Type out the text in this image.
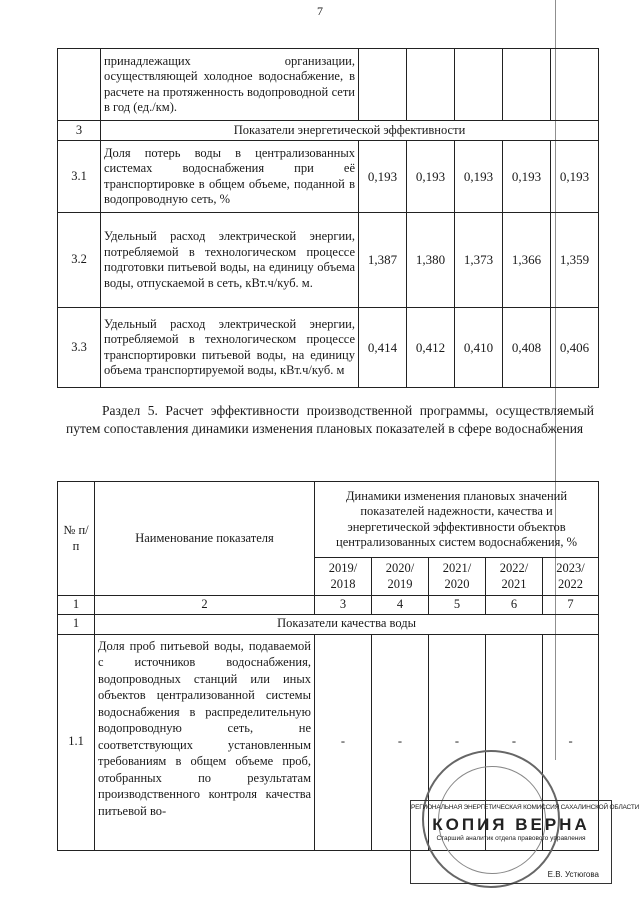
7
	принадлежащих организации, осуществляющей холодное водоснабжение, в расчете на протяженность водопроводной сети в год (ед./км).					
3	Показатели энергетической эффективности					
3.1	Доля потерь воды в централизованных системах водоснабжения при её транспортировке в общем объеме, поданной в водопроводную сеть, %	0,193	0,193	0,193	0,193	0,193
3.2	Удельный расход электрической энергии, потребляемой в технологическом процессе подготовки питьевой воды, на единицу объема воды, отпускаемой в сеть, кВт.ч/куб. м.	1,387	1,380	1,373	1,366	1,359
3.3	Удельный расход электрической энергии, потребляемой в технологическом процессе транспортировки питьевой воды, на единицу объема транспортируемой воды, кВт.ч/куб. м	0,414	0,412	0,410	0,408	0,406
Раздел 5. Расчет эффективности производственной программы, осуществляемый путем сопоставления динамики изменения плановых показателей в сфере водоснабжения
№ п/п	Наименование показателя	Динамики изменения плановых значений показателей надежности, качества и энергетической эффективности объектов централизованных систем водоснабжения, %				
		2019/ 2018	2020/ 2019	2021/ 2020	2022/ 2021	2023/ 2022
1	2	3	4	5	6	7
1	Показатели качества воды					
1.1	Доля проб питьевой воды, подаваемой с источников водоснабжения, водопроводных станций или иных объектов централизованной системы водоснабжения в распределительную водопроводную сеть, не соответствующих установленным требованиям в общем объеме проб, отобранных по результатам производственного контроля качества питьевой во-	-	-	-	-	-
РЕГИОНАЛЬНАЯ ЭНЕРГЕТИЧЕСКАЯ КОМИССИЯ САХАЛИНСКОЙ ОБЛАСТИ
КОПИЯ ВЕРНА
Старший аналитик отдела правового управления
Е.В. Устюгова
